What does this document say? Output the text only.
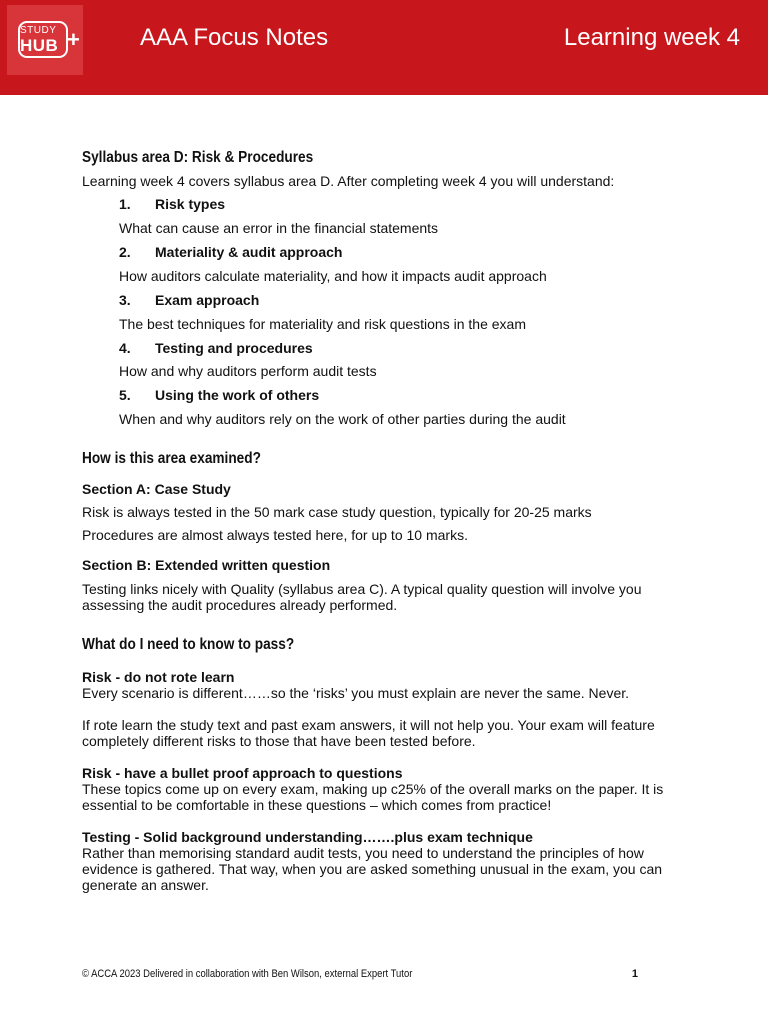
STUDY
HUB +	AAA Focus Notes	Learning week 4
Syllabus area D: Risk & Procedures

Learning week 4 covers syllabus area D. After completing week 4 you will understand:

1.	Risk types

What can cause an error in the financial statements

2.	Materiality & audit approach

How auditors calculate materiality, and how it impacts audit approach

3.	Exam approach

The best techniques for materiality and risk questions in the exam

4.	Testing and procedures

How and why auditors perform audit tests

5.	Using the work of others

When and why auditors rely on the work of other parties during the audit

How is this area examined?

Section A: Case Study

Risk is always tested in the 50 mark case study question, typically for 20-25 marks

Procedures are almost always tested here, for up to 10 marks.

Section B: Extended written question

Testing links nicely with Quality (syllabus area C). A typical quality question will involve you assessing the audit procedures already performed.

What do I need to know to pass?

Risk - do not rote learn

Every scenario is different……so the ‘risks’ you must explain are never the same. Never.

If rote learn the study text and past exam answers, it will not help you. Your exam will feature completely different risks to those that have been tested before.

Risk - have a bullet proof approach to questions

These topics come up on every exam, making up c25% of the overall marks on the paper. It is essential to be comfortable in these questions – which comes from practice!

Testing - Solid background understanding…….plus exam technique

Rather than memorising standard audit tests, you need to understand the principles of how evidence is gathered. That way, when you are asked something unusual in the exam, you can generate an answer.

© ACCA 2023 Delivered in collaboration with Ben Wilson, external Expert Tutor	1
